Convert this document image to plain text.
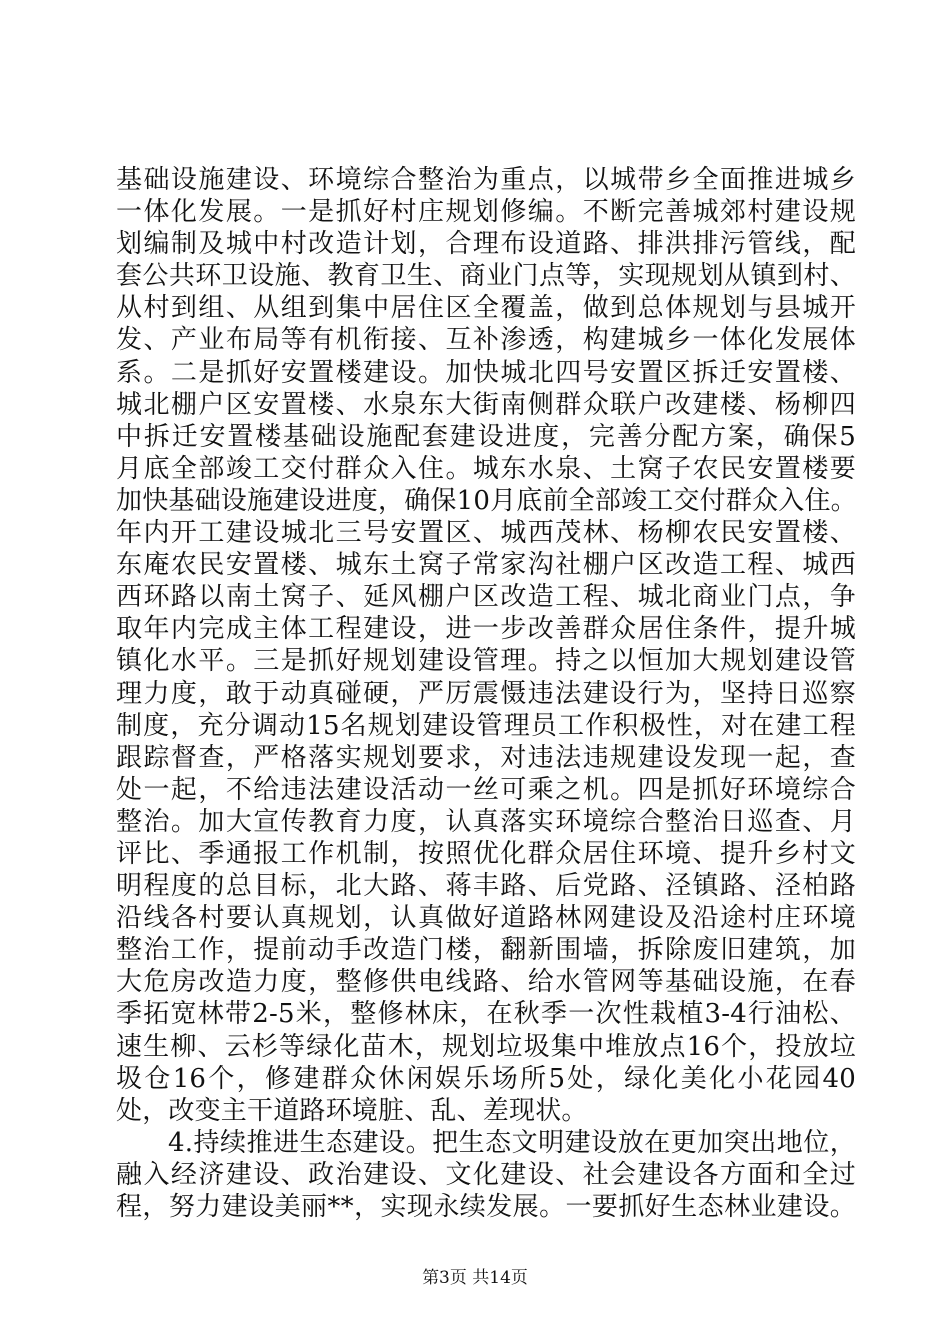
基础设施建设、环境综合整治为重点，以城带乡全面推进城乡
一体化发展。一是抓好村庄规划修编。不断完善城郊村建设规
划编制及城中村改造计划，合理布设道路、排洪排污管线，配
套公共环卫设施、教育卫生、商业门点等，实现规划从镇到村、
从村到组、从组到集中居住区全覆盖，做到总体规划与县城开
发、产业布局等有机衔接、互补渗透，构建城乡一体化发展体
系。二是抓好安置楼建设。加快城北四号安置区拆迁安置楼、
城北棚户区安置楼、水泉东大街南侧群众联户改建楼、杨柳四
中拆迁安置楼基础设施配套建设进度，完善分配方案，确保5
月底全部竣工交付群众入住。城东水泉、土窝子农民安置楼要
加快基础设施建设进度，确保10月底前全部竣工交付群众入住。
年内开工建设城北三号安置区、城西茂林、杨柳农民安置楼、
东庵农民安置楼、城东土窝子常家沟社棚户区改造工程、城西
西环路以南土窝子、延风棚户区改造工程、城北商业门点，争
取年内完成主体工程建设，进一步改善群众居住条件，提升城
镇化水平。三是抓好规划建设管理。持之以恒加大规划建设管
理力度，敢于动真碰硬，严厉震慑违法建设行为，坚持日巡察
制度，充分调动15名规划建设管理员工作积极性，对在建工程
跟踪督查，严格落实规划要求，对违法违规建设发现一起，查
处一起，不给违法建设活动一丝可乘之机。四是抓好环境综合
整治。加大宣传教育力度，认真落实环境综合整治日巡查、月
评比、季通报工作机制，按照优化群众居住环境、提升乡村文
明程度的总目标，北大路、蒋丰路、后党路、泾镇路、泾柏路
沿线各村要认真规划，认真做好道路林网建设及沿途村庄环境
整治工作，提前动手改造门楼，翻新围墙，拆除废旧建筑，加
大危房改造力度，整修供电线路、给水管网等基础设施，在春
季拓宽林带2-5米，整修林床，在秋季一次性栽植3-4行油松、
速生柳、云杉等绿化苗木，规划垃圾集中堆放点16个，投放垃
圾仓16个，修建群众休闲娱乐场所5处，绿化美化小花园40
处，改变主干道路环境脏、乱、差现状。
4.持续推进生态建设。把生态文明建设放在更加突出地位，
融入经济建设、政治建设、文化建设、社会建设各方面和全过
程，努力建设美丽**，实现永续发展。一要抓好生态林业建设。
第3页 共14页
